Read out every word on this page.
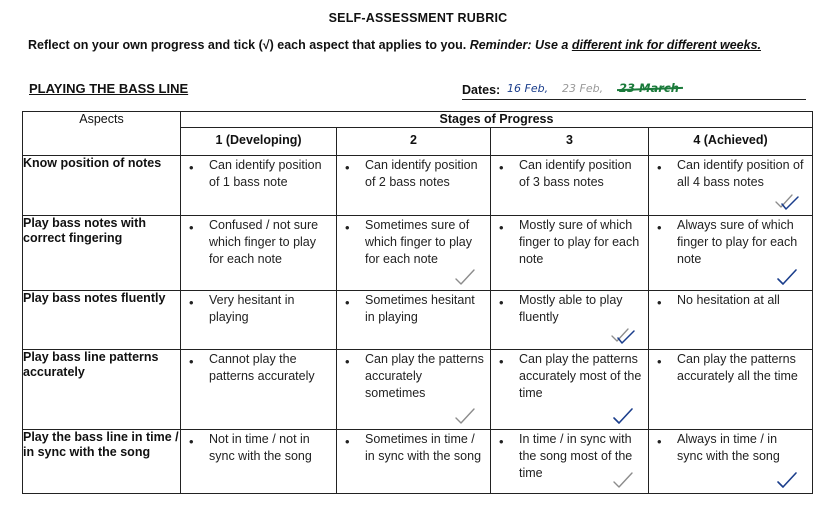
SELF-ASSESSMENT RUBRIC
Reflect on your own progress and tick (√) each aspect that applies to you. Reminder: Use a different ink for different weeks.
PLAYING THE BASS LINE	Dates: 16 Feb, 23 Feb, 23 March
Aspects	Stages of Progress			
	1 (Developing)	2	3	4 (Achieved)
Know position of notes	• Can identify position of 1 bass note	• Can identify position of 2 bass notes	• Can identify position of 3 bass notes	• Can identify position of all 4 bass notes

Play bass notes with correct fingering	• Confused / not sure which finger to play for each note	• Sometimes sure of which finger to play for each note	• Mostly sure of which finger to play for each note	• Always sure of which finger to play for each note

Play bass notes fluently	• Very hesitant in playing	• Sometimes hesitant in playing	• Mostly able to play fluently	• No hesitation at all

Play bass line patterns accurately	• Cannot play the patterns accurately	• Can play the patterns accurately sometimes	• Can play the patterns accurately most of the time	• Can play the patterns accurately all the time

Play the bass line in time / in sync with the song	• Not in time / not in sync with the song	• Sometimes in time / in sync with the song	• In time / in sync with the song most of the time	• Always in time / in sync with the song
